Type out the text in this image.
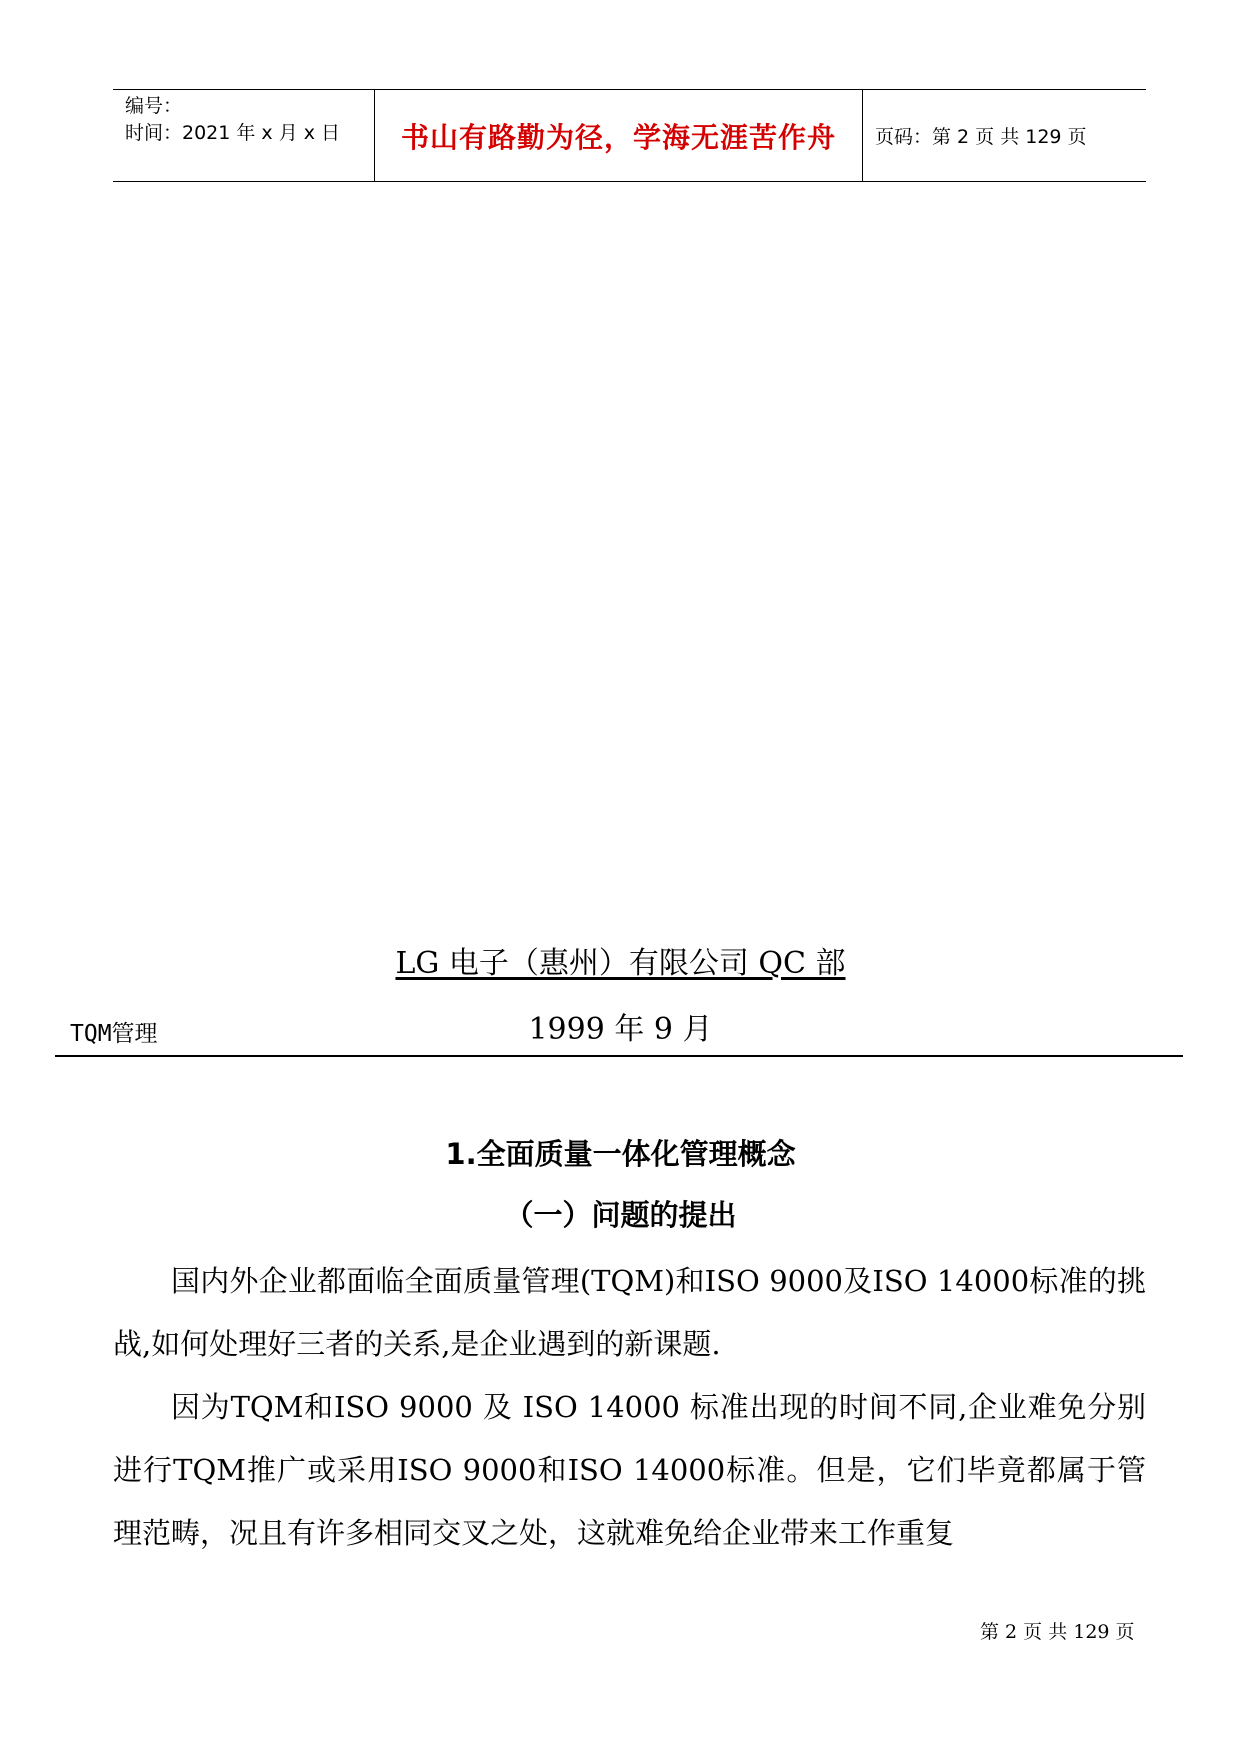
编号：
时间：2021 年 x 月 x 日	书山有路勤为径，学海无涯苦作舟	页码：第 2 页 共 129 页
LG 电子（惠州）有限公司 QC 部
1999 年 9 月
TQM管理
1.全面质量一体化管理概念
（一）问题的提出
国内外企业都面临全面质量管理(TQM)和ISO 9000及ISO 14000标准的挑战,如何处理好三者的关系,是企业遇到的新课题.
因为TQM和ISO 9000 及 ISO 14000 标准出现的时间不同,企业难免分别进行TQM推广或采用ISO 9000和ISO 14000标准。但是，它们毕竟都属于管理范畴，况且有许多相同交叉之处，这就难免给企业带来工作重复
第 2 页 共 129 页
